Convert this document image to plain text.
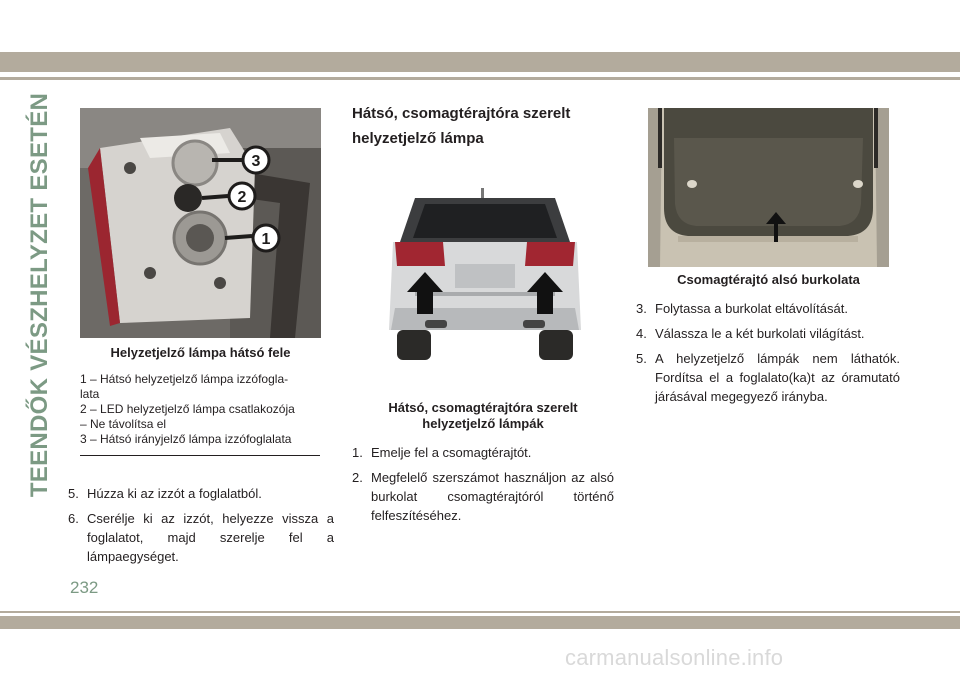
TEENDŐK VÉSZHELYZET ESETÉN	3
2
1
Helyzetjelző lámpa hátsó fele
1 – Hátsó helyzetjelző lámpa izzófogla-
lata
2 – LED helyzetjelző lámpa csatlakozója
– Ne távolítsa el
3 – Hátsó irányjelző lámpa izzófoglalata
5. Húzza ki az izzót a foglalatból.
6. Cserélje ki az izzót, helyezze vissza a foglalatot, majd szerelje fel a lámpaegységet.
Hátsó, csomagtérajtóra szerelt helyzetjelző lámpa
Hátsó, csomagtérajtóra szerelt
helyzetjelző lámpák
1. Emelje fel a csomagtérajtót.
2. Megfelelő szerszámot használjon az alsó burkolat csomagtérajtóról történő felfeszítéséhez.
Csomagtérajtó alsó burkolata
3. Folytassa a burkolat eltávolítását.
4. Válassza le a két burkolati világítást.
5. A helyzetjelző lámpák nem láthatók. Fordítsa el a foglalato(ka)t az óramutató járásával megegyező irányba.
232
carmanualsonline.info
